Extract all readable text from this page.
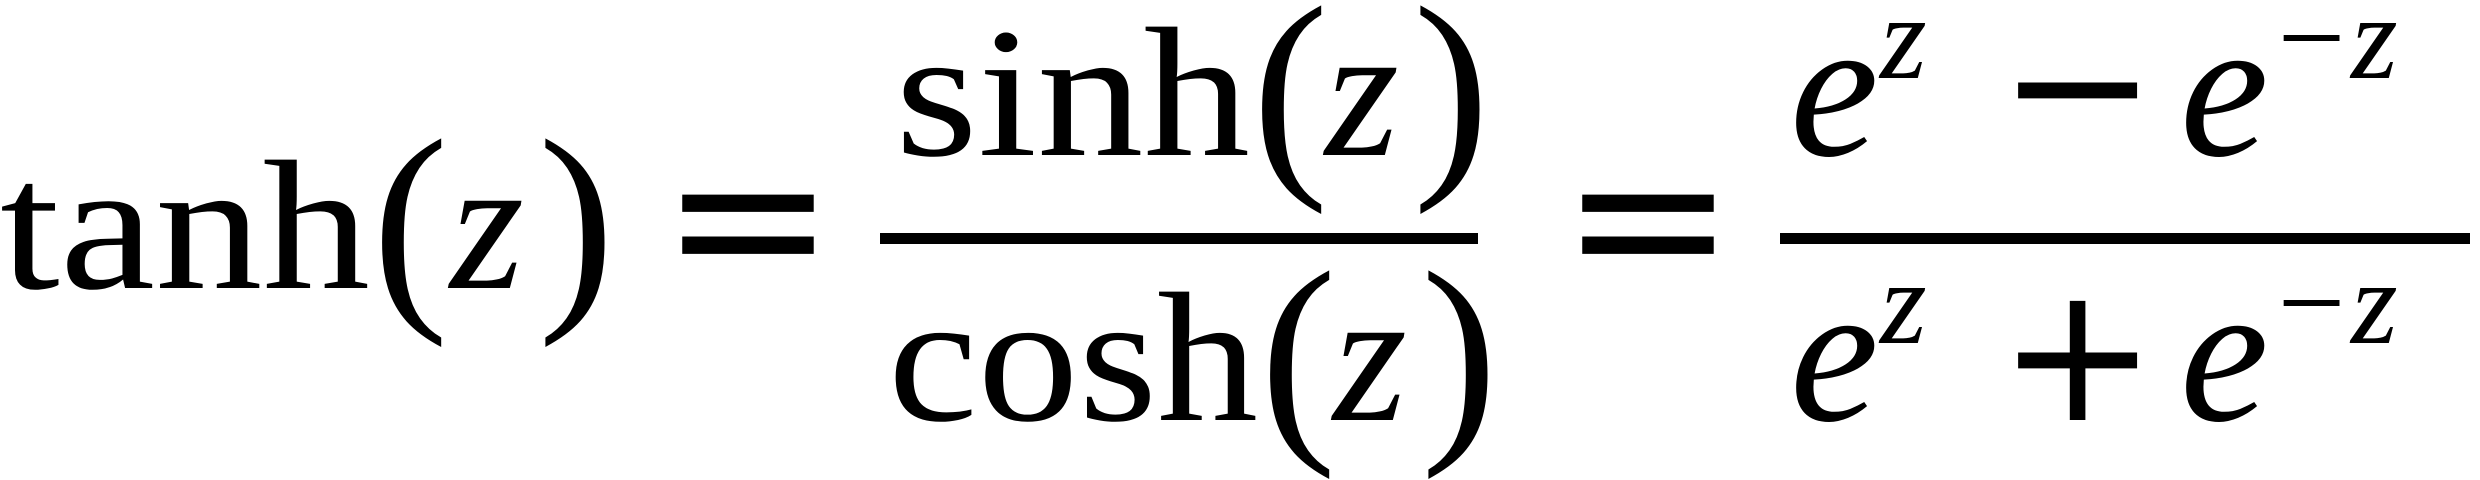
tanh ( z ) =
sinh (
z )
cosh (
z )
=
e z − e −z
e z + e −z
